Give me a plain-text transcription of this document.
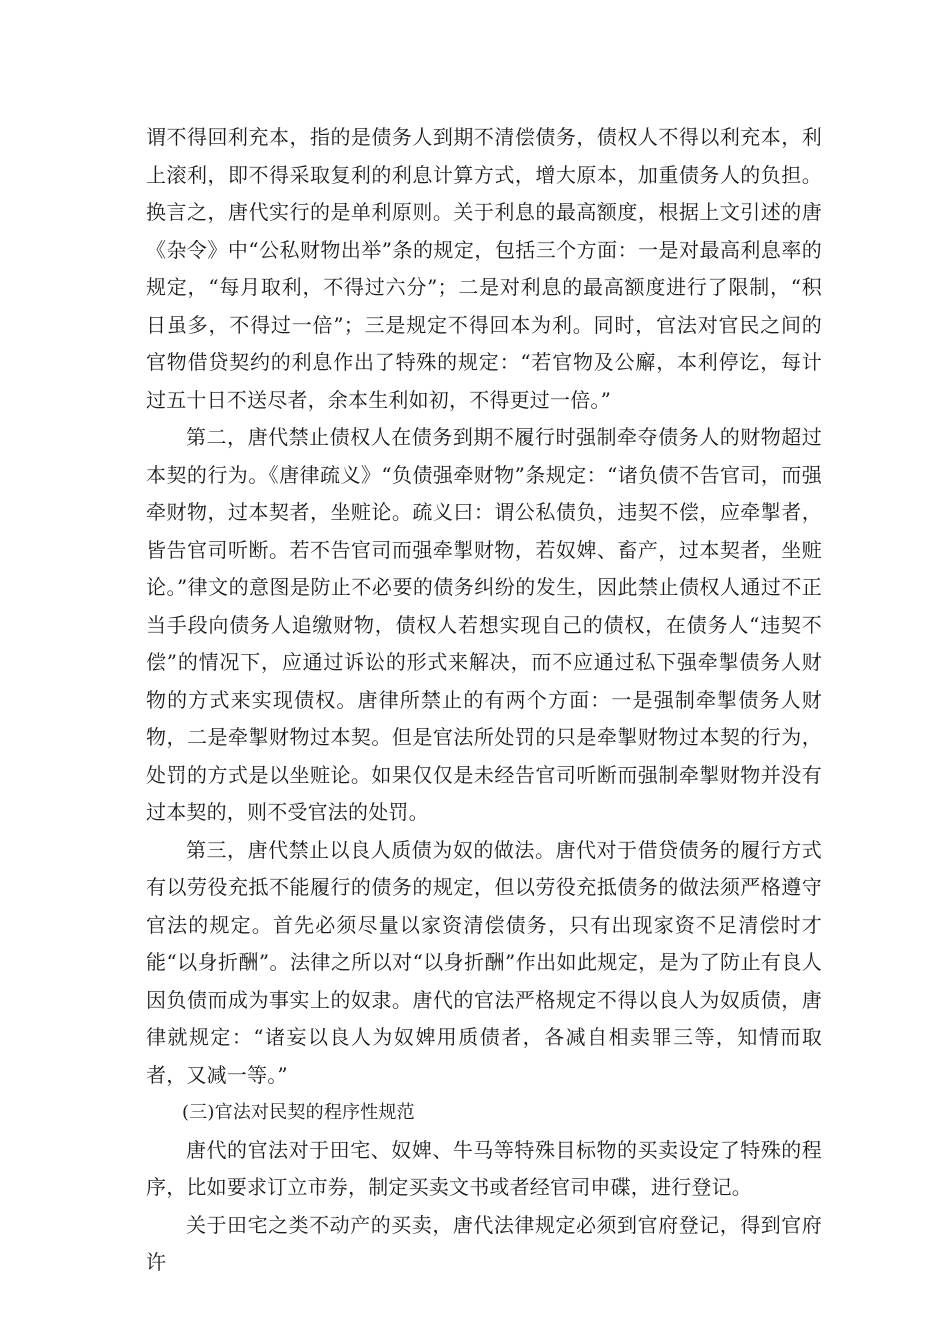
谓不得回利充本，指的是债务人到期不清偿债务，债权人不得以利充本，利上滚利，即不得采取复利的利息计算方式，增大原本，加重债务人的负担。换言之，唐代实行的是单利原则。关于利息的最高额度，根据上文引述的唐《杂令》中“公私财物出举”条的规定，包括三个方面：一是对最高利息率的规定，“每月取利，不得过六分”；二是对利息的最高额度进行了限制，“积日虽多，不得过一倍”；三是规定不得回本为利。同时，官法对官民之间的官物借贷契约的利息作出了特殊的规定：“若官物及公廨，本利停讫，每计过五十日不送尽者，余本生利如初，不得更过一倍。”

第二，唐代禁止债权人在债务到期不履行时强制牵夺债务人的财物超过本契的行为。《唐律疏义》“负债强牵财物”条规定：“诸负债不告官司，而强牵财物，过本契者，坐赃论。疏义曰：谓公私债负，违契不偿，应牵掣者，皆告官司听断。若不告官司而强牵掣财物，若奴婢、畜产，过本契者，坐赃论。”律文的意图是防止不必要的债务纠纷的发生，因此禁止债权人通过不正当手段向债务人追缴财物，债权人若想实现自己的债权，在债务人“违契不偿”的情况下，应通过诉讼的形式来解决，而不应通过私下强牵掣债务人财物的方式来实现债权。唐律所禁止的有两个方面：一是强制牵掣债务人财物，二是牵掣财物过本契。但是官法所处罚的只是牵掣财物过本契的行为，处罚的方式是以坐赃论。如果仅仅是未经告官司听断而强制牵掣财物并没有过本契的，则不受官法的处罚。

第三，唐代禁止以良人质债为奴的做法。唐代对于借贷债务的履行方式有以劳役充抵不能履行的债务的规定，但以劳役充抵债务的做法须严格遵守官法的规定。首先必须尽量以家资清偿债务，只有出现家资不足清偿时才能“以身折酬”。法律之所以对“以身折酬”作出如此规定，是为了防止有良人因负债而成为事实上的奴隶。唐代的官法严格规定不得以良人为奴质债，唐律就规定：“诸妄以良人为奴婢用质债者，各减自相卖罪三等，知情而取者，又减一等。”

(三)官法对民契的程序性规范

唐代的官法对于田宅、奴婢、牛马等特殊目标物的买卖设定了特殊的程序，比如要求订立市券，制定买卖文书或者经官司申碟，进行登记。

关于田宅之类不动产的买卖，唐代法律规定必须到官府登记，得到官府许
